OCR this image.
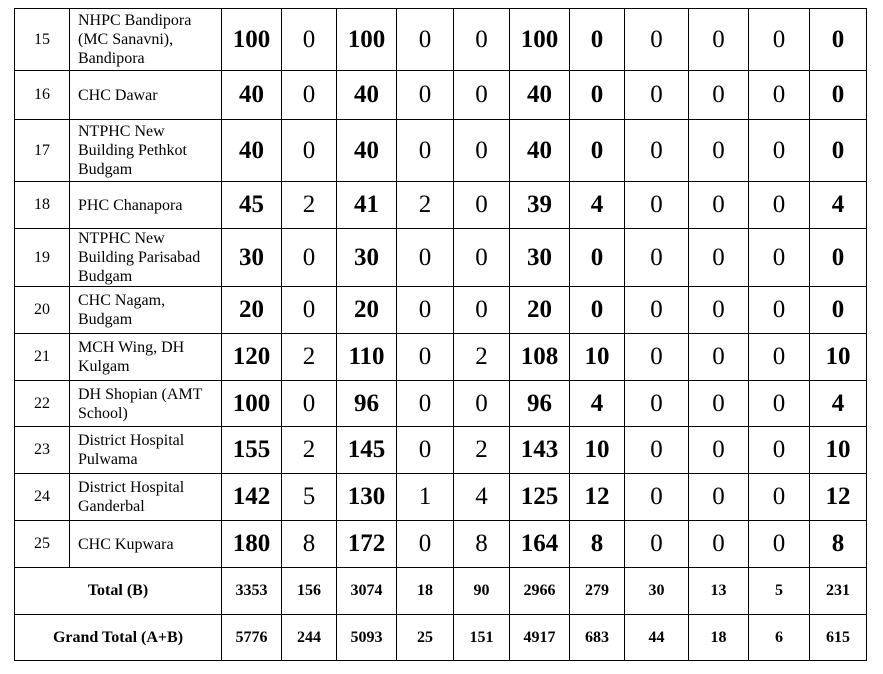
15	NHPC Bandipora (MC Sanavni), Bandipora	100	0	100	0	0	100	0	0	0	0	0
16	CHC Dawar	40	0	40	0	0	40	0	0	0	0	0
17	NTPHC New Building Pethkot Budgam	40	0	40	0	0	40	0	0	0	0	0
18	PHC Chanapora	45	2	41	2	0	39	4	0	0	0	4
19	NTPHC New Building Parisabad Budgam	30	0	30	0	0	30	0	0	0	0	0
20	CHC Nagam, Budgam	20	0	20	0	0	20	0	0	0	0	0
21	MCH Wing, DH Kulgam	120	2	110	0	2	108	10	0	0	0	10
22	DH Shopian (AMT School)	100	0	96	0	0	96	4	0	0	0	4
23	District Hospital Pulwama	155	2	145	0	2	143	10	0	0	0	10
24	District Hospital Ganderbal	142	5	130	1	4	125	12	0	0	0	12
25	CHC Kupwara	180	8	172	0	8	164	8	0	0	0	8
Total (B)		3353	156	3074	18	90	2966	279	30	13	5	231
Grand Total (A+B)		5776	244	5093	25	151	4917	683	44	18	6	615
